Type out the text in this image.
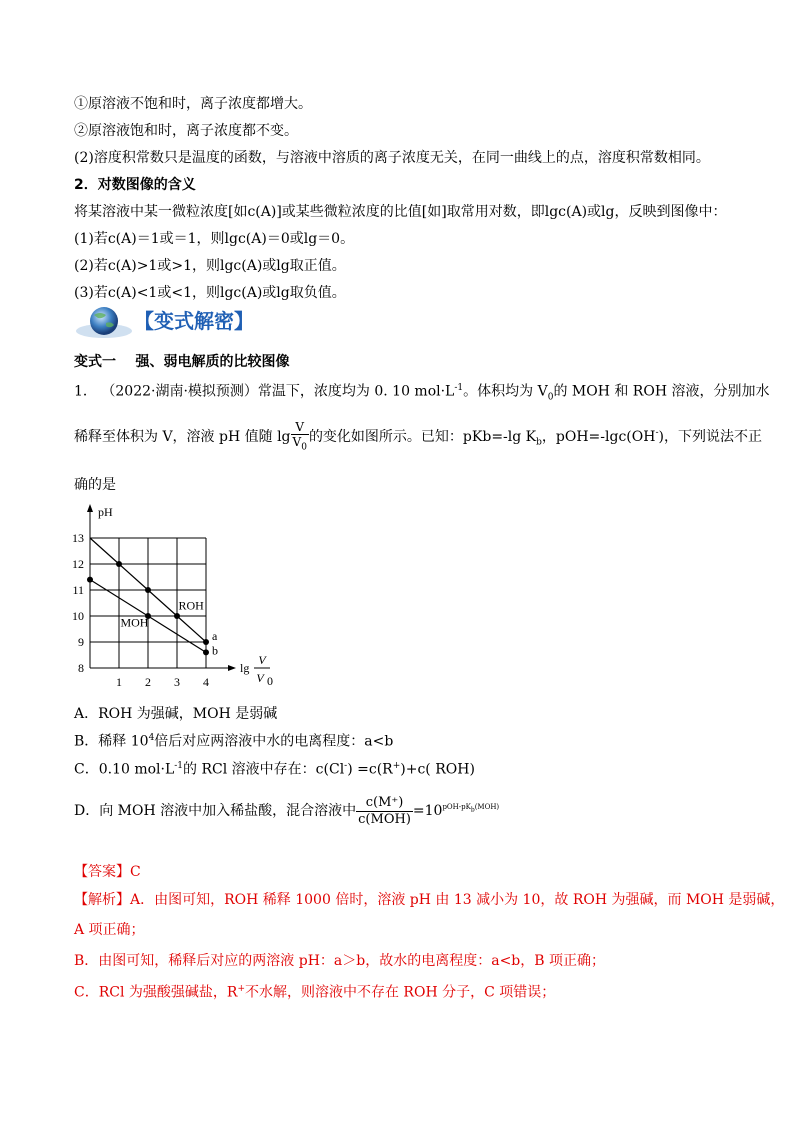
①原溶液不饱和时，离子浓度都增大。
②原溶液饱和时，离子浓度都不变。
(2)溶度积常数只是温度的函数，与溶液中溶质的离子浓度无关，在同一曲线上的点，溶度积常数相同。
2．对数图像的含义
将某溶液中某一微粒浓度[如c(A)]或某些微粒浓度的比值[如]取常用对数，即lgc(A)或lg，反映到图像中：
(1)若c(A)＝1或＝1，则lgc(A)＝0或lg＝0。
(2)若c(A)>1或>1，则lgc(A)或lg取正值。
(3)若c(A)<1或<1，则lgc(A)或lg取负值。
【变式解密】
变式一    强、弱电解质的比较图像
1． （2022·湖南·模拟预测）常温下，浓度均为 0. 10 $mol\cdot L^{-1}$。体积均为 $V_0$的 MOH 和 ROH 溶液，分别加水
稀释至体积为 V，溶液 pH 值随 $\lg \frac{V}{V_0}$ 的变化如图所示。已知：pKb=-lg $K_b$，pOH=-lgc(OH-)，下列说法不正
确的是
8
9
10
11
12
13
1 2 3 4
pH
lg
V
V 0
a
b
ROH
MOH
A．ROH 为强碱，MOH 是弱碱
B．稀释 $10^4$倍后对应两溶液中水的电离程度：a<b
C．0.10 $mol\cdot L^{-1}$的 RCl 溶液中存在：c(Cl-) =c(R+)+c( ROH)
D．向 MOH 溶液中加入稀盐酸，混合溶液中 $\frac{c(M^+)}{\text{c(MOH)}} =10^{pOH-pK_b(MOH)}$
【答案】C
【解析】A．由图可知，ROH 稀释 1000 倍时，溶液 pH 由 13 减小为 10，故 ROH 为强碱，而 MOH 是弱碱，
A 项正确；
B．由图可知，稀释后对应的两溶液 pH：a＞b，故水的电离程度：a<b，B 项正确；
C．RCl 为强酸强碱盐，R+不水解，则溶液中不存在 ROH 分子，C 项错误；
